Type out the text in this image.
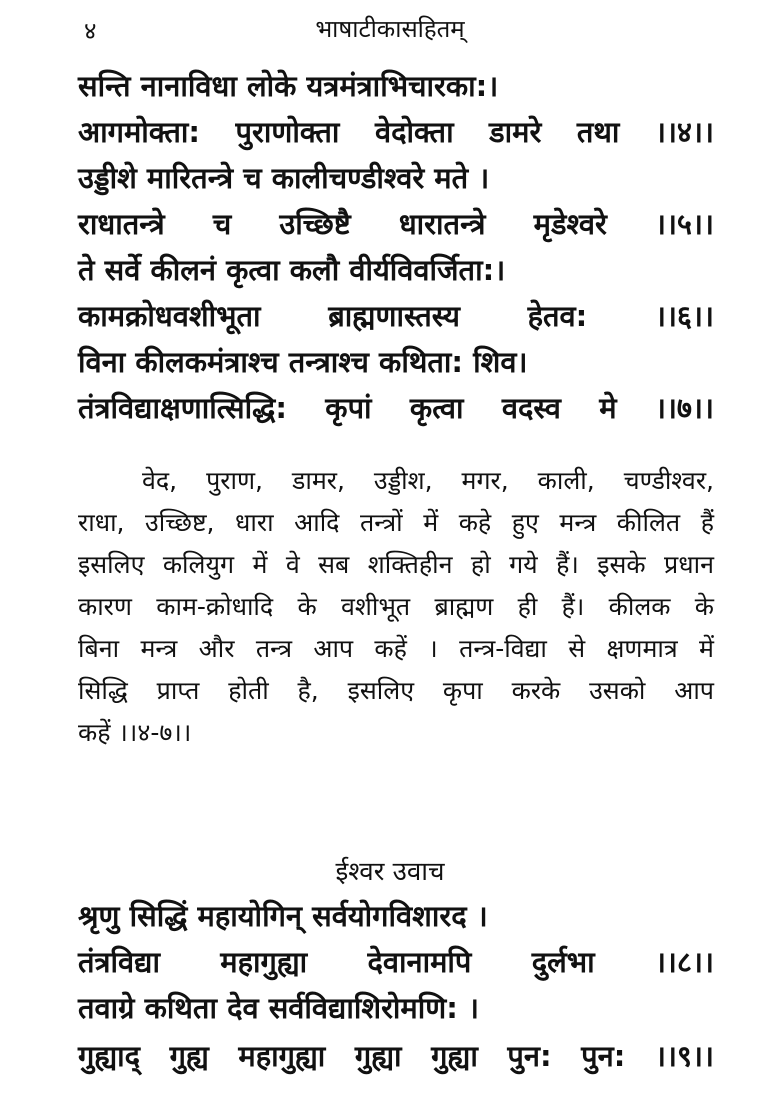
४	भाषाटीकासहितम्
सन्ति नानाविधा लोके यत्रमंत्राभिचारका:।
आगमोक्ता: पुराणोक्ता वेदोक्ता डामरे तथा ।।४।।
उड्डीशे मारितन्त्रे च कालीचण्डीश्वरे मते ।
राधातन्त्रे च उच्छिष्टै धारातन्त्रे मृडेश्वरे ।।५।।
ते सर्वे कीलनं कृत्वा कलौ वीर्यविवर्जिता:।
कामक्रोधवशीभूता ब्राह्मणास्तस्य हेतव: ।।६।।
विना कीलकमंत्राश्च तन्त्राश्च कथिता: शिव।
तंत्रविद्याक्षणात्सिद्धि: कृपां कृत्वा वदस्व मे ।।७।।
वेद, पुराण, डामर, उड्डीश, मगर, काली, चण्डीश्वर,
राधा, उच्छिष्ट, धारा आदि तन्त्रों में कहे हुए मन्त्र कीलित हैं
इसलिए कलियुग में वे सब शक्तिहीन हो गये हैं। इसके प्रधान
कारण काम-क्रोधादि के वशीभूत ब्राह्मण ही हैं। कीलक के
बिना मन्त्र और तन्त्र आप कहें । तन्त्र-विद्या से क्षणमात्र में
सिद्धि प्राप्त होती है, इसलिए कृपा करके उसको आप
कहें ।।४-७।।
ईश्वर उवाच
श्रृणु सिद्धिं महायोगिन् सर्वयोगविशारद ।
तंत्रविद्या महागुह्या देवानामपि दुर्लभा ।।८।।
तवाग्रे कथिता देव सर्वविद्याशिरोमणि: ।
गुह्याद् गुह्य महागुह्या गुह्या गुह्या पुन: पुन: ।।९।।
